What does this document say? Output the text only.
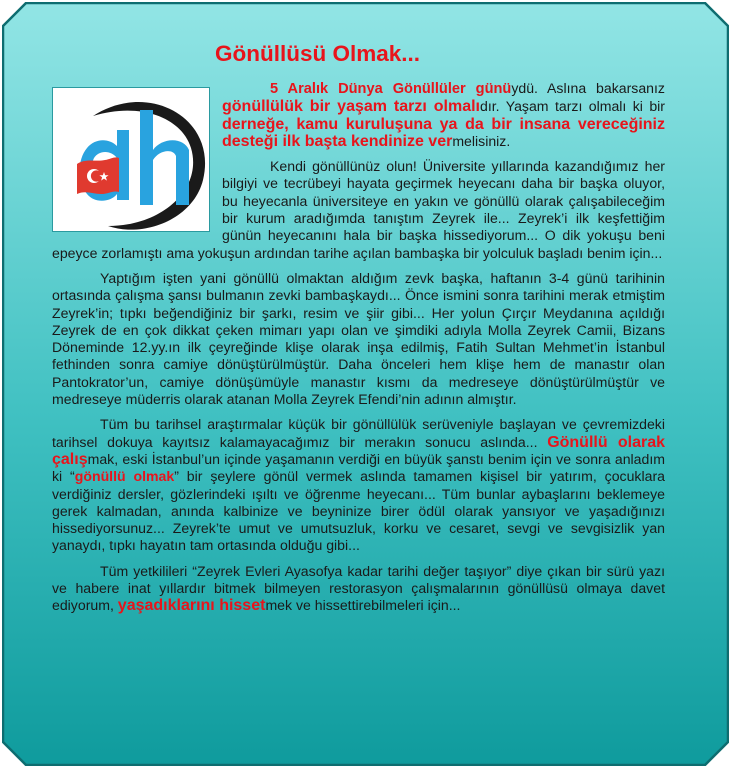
Gönüllüsü Olmak...

5 Aralık Dünya Gönüllüler günüydü. Aslına bakarsanız gönüllülük bir yaşam tarzı olmalıdır. Yaşam tarzı olmalı ki bir derneğe, kamu kuruluşuna ya da bir insana vereceğiniz desteği ilk başta kendinize vermelisiniz.

Kendi gönüllünüz olun! Üniversite yıllarında kazandığımız her bilgiyi ve tecrübeyi hayata geçirmek heyecanı daha bir başka oluyor, bu heyecanla üniversiteye en yakın ve gönüllü olarak çalışabileceğim bir kurum aradığımda tanıştım Zeyrek ile... Zeyrek’i ilk keşfettiğim günün heyecanını hala bir başka hissediyorum... O dik yokuşu beni epeyce zorlamıştı ama yokuşun ardından tarihe açılan bambaşka bir yolculuk başladı benim için...

Yaptığım işten yani gönüllü olmaktan aldığım zevk başka, haftanın 3-4 günü tarihinin ortasında çalışma şansı bulmanın zevki bambaşkaydı... Önce ismini sonra tarihini merak etmiştim Zeyrek’in; tıpkı beğendiğiniz bir şarkı, resim ve şiir gibi... Her yolun Çırçır Meydanına açıldığı Zeyrek de en çok dikkat çeken mimarı yapı olan ve şimdiki adıyla Molla Zeyrek Camii, Bizans Döneminde 12.yy.ın ilk çeyreğinde klişe olarak inşa edilmiş, Fatih Sultan Mehmet’in İstanbul fethinden sonra camiye dönüştürülmüştür. Daha önceleri hem klişe hem de manastır olan Pantokrator’un, camiye dönüşümüyle manastır kısmı da medreseye dönüştürülmüştür ve medreseye müderris olarak atanan Molla Zeyrek Efendi’nin adının almıştır.

Tüm bu tarihsel araştırmalar küçük bir gönüllülük serüveniyle başlayan ve çevremizdeki tarihsel dokuya kayıtsız kalamayacağımız bir merakın sonucu aslında... Gönüllü olarak çalışmak, eski İstanbul’un içinde yaşamanın verdiği en büyük şanstı benim için ve sonra anladım ki “gönüllü olmak” bir şeylere gönül vermek aslında tamamen kişisel bir yatırım, çocuklara verdiğiniz dersler, gözlerindeki ışıltı ve öğrenme heyecanı... Tüm bunlar aybaşlarını beklemeye gerek kalmadan, anında kalbinize ve beyninize birer ödül olarak yansıyor ve yaşadığınızı hissediyorsunuz... Zeyrek’te umut ve umutsuzluk, korku ve cesaret, sevgi ve sevgisizlik yan yanaydı, tıpkı hayatın tam ortasında olduğu gibi...

Tüm yetkilileri “Zeyrek Evleri Ayasofya kadar tarihi değer taşıyor” diye çıkan bir sürü yazı ve habere inat yıllardır bitmek bilmeyen restorasyon çalışmalarının gönüllüsü olmaya davet ediyorum, yaşadıklarını hissetmek ve hissettirebilmeleri için...
